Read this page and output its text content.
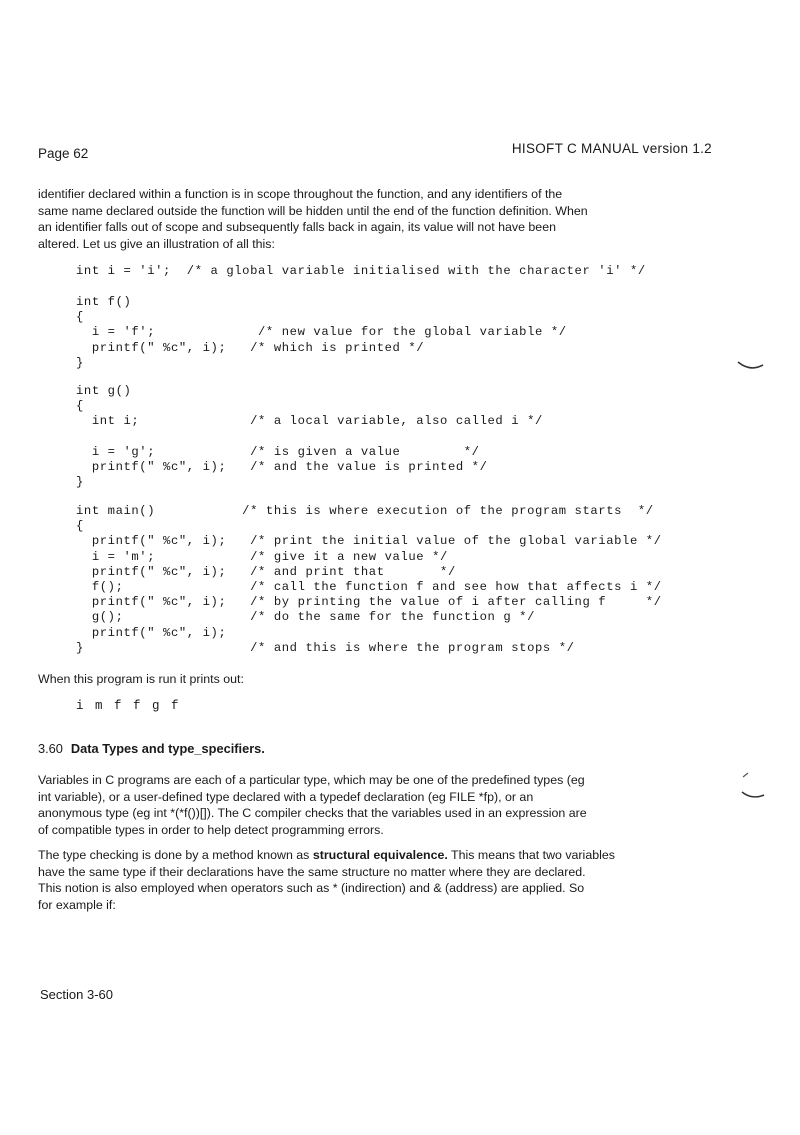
Page 62	HISOFT C MANUAL version 1.2
identifier declared within a function is in scope throughout the function, and any identifiers of the
same name declared outside the function will be hidden until the end of the function definition. When
an identifier falls out of scope and subsequently falls back in again, its value will not have been
altered. Let us give an illustration of all this:
int i = 'i';  /* a global variable initialised with the character 'i' */
int f()
{
i = 'f';             /* new value for the global variable */
printf(" %c", i);   /* which is printed */
}
int g()
{
int i;              /* a local variable, also called i */
i = 'g';            /* is given a value        */
printf(" %c", i);   /* and the value is printed */
}
int main()           /* this is where execution of the program starts  */
{
printf(" %c", i);   /* print the initial value of the global variable */
i = 'm';            /* give it a new value */
printf(" %c", i);   /* and print that       */
f();                /* call the function f and see how that affects i */
printf(" %c", i);   /* by printing the value of i after calling f     */
g();                /* do the same for the function g */
printf(" %c", i);
}                     /* and this is where the program stops */
When this program is run it prints out:
i m f f g f
3.60 Data Types and type_specifiers.
Variables in C programs are each of a particular type, which may be one of the predefined types (eg
int variable), or a user-defined type declared with a typedef declaration (eg FILE *fp), or an
anonymous type (eg int *(*f())[]). The C compiler checks that the variables used in an expression are
of compatible types in order to help detect programming errors.
The type checking is done by a method known as structural equivalence. This means that two variables
have the same type if their declarations have the same structure no matter where they are declared.
This notion is also employed when operators such as * (indirection) and & (address) are applied. So
for example if:
Section 3-60
